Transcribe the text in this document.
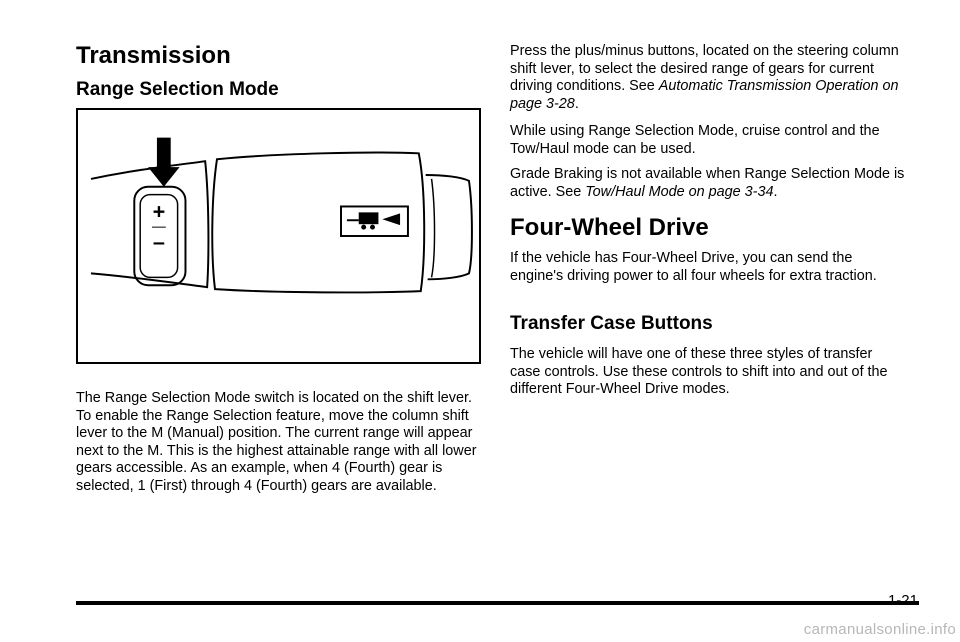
Transmission
Range Selection Mode
+
–

The Range Selection Mode switch is located on the shift lever. To enable the Range Selection feature, move the column shift lever to the M (Manual) position. The current range will appear next to the M. This is the highest attainable range with all lower gears accessible. As an example, when 4 (Fourth) gear is selected, 1 (First) through 4 (Fourth) gears are available.

Press the plus/minus buttons, located on the steering column shift lever, to select the desired range of gears for current driving conditions. See Automatic Transmission Operation on page 3-28.

While using Range Selection Mode, cruise control and the Tow/Haul mode can be used.

Grade Braking is not available when Range Selection Mode is active. See Tow/Haul Mode on page 3-34.

Four-Wheel Drive

If the vehicle has Four-Wheel Drive, you can send the engine's driving power to all four wheels for extra traction.

Transfer Case Buttons

The vehicle will have one of these three styles of transfer case controls. Use these controls to shift into and out of the different Four-Wheel Drive modes.

1-21
carmanualsonline.info
